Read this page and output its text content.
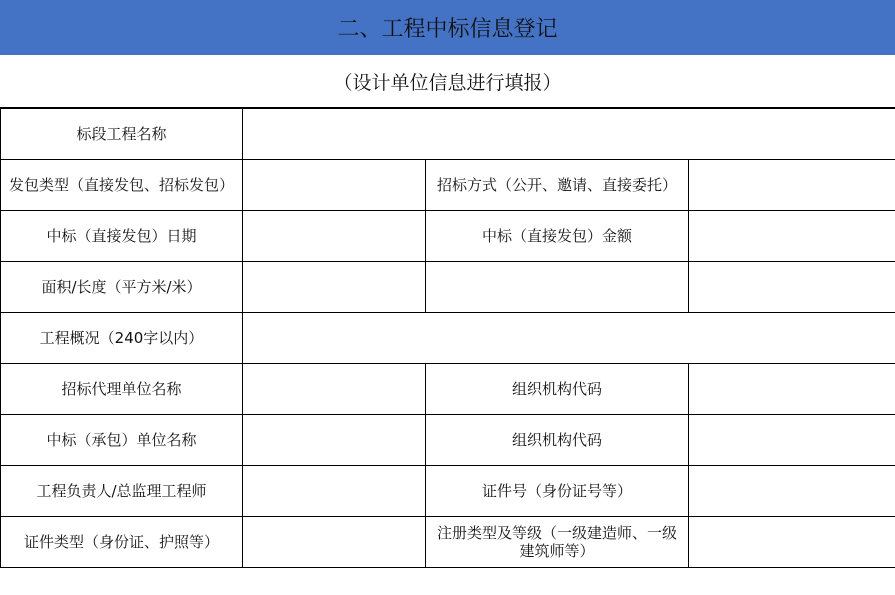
二、工程中标信息登记
（设计单位信息进行填报）
标段工程名称			
发包类型（直接发包、招标发包）		招标方式（公开、邀请、直接委托）	
中标（直接发包）日期		中标（直接发包）金额	
面积/长度（平方米/米）			
工程概况（240字以内）			
招标代理单位名称		组织机构代码	
中标（承包）单位名称		组织机构代码	
工程负责人/总监理工程师		证件号（身份证号等）	
证件类型（身份证、护照等）		注册类型及等级（一级建造师、一级建筑师等）	
